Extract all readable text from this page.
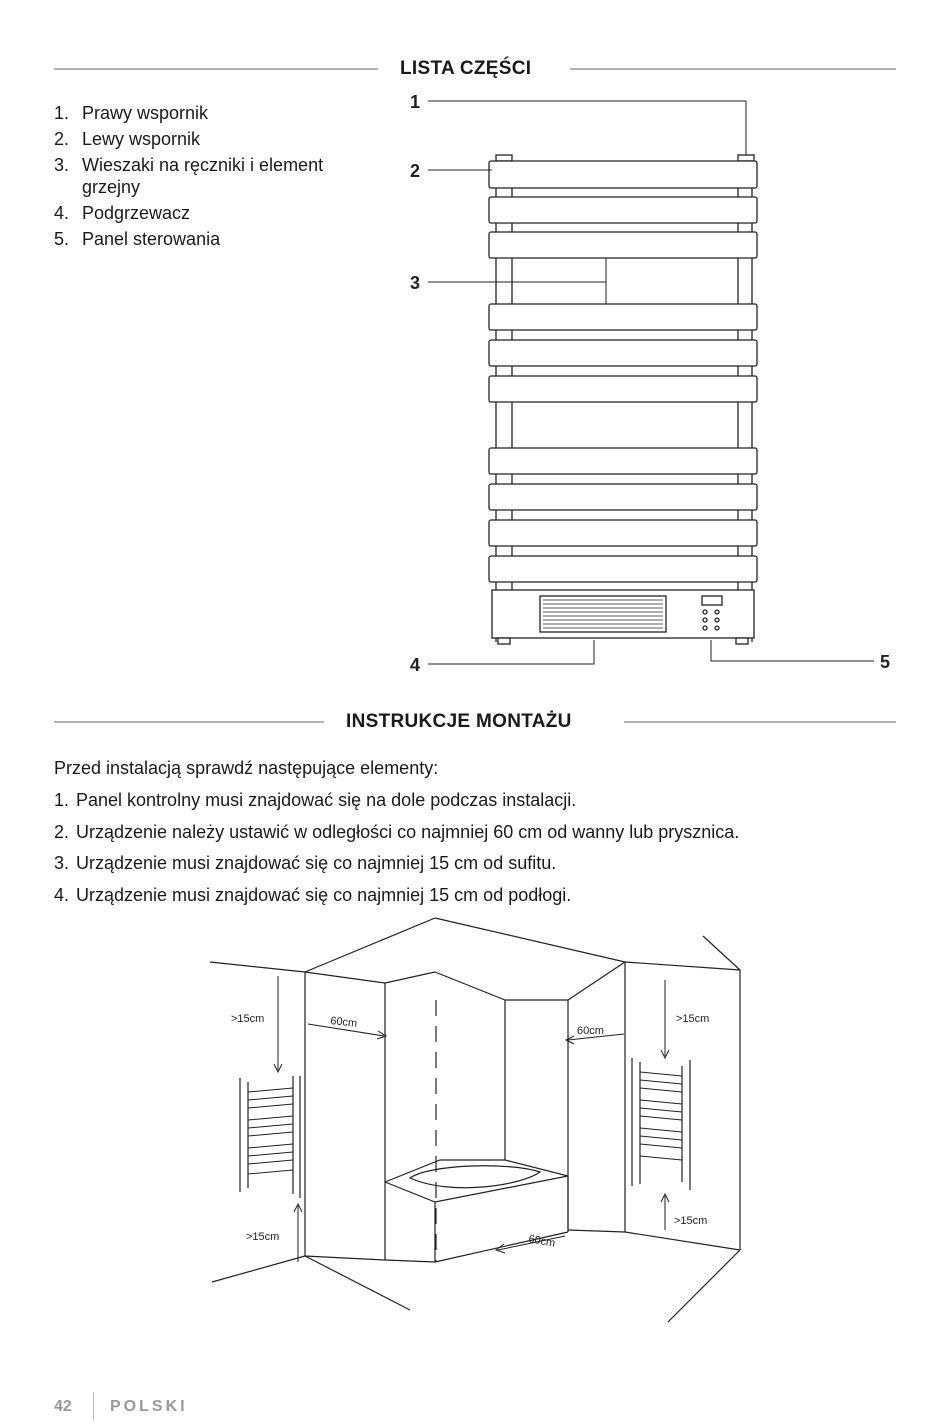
LISTA CZĘŚCI
1. Prawy wspornik
2. Lewy wspornik
3. Wieszaki na ręczniki i element grzejny
4. Podgrzewacz
5. Panel sterowania
1
2
3
4	5
>15cm	60cm
60cm
>15cm
>15cm
>15cm	60cm
INSTRUKCJE MONTAŻU
Przed instalacją sprawdź następujące elementy:
1. Panel kontrolny musi znajdować się na dole podczas instalacji.
2. Urządzenie należy ustawić w odległości co najmniej 60 cm od wanny lub prysznica.
3. Urządzenie musi znajdować się co najmniej 15 cm od sufitu.
4. Urządzenie musi znajdować się co najmniej 15 cm od podłogi.
42 POLSKI
